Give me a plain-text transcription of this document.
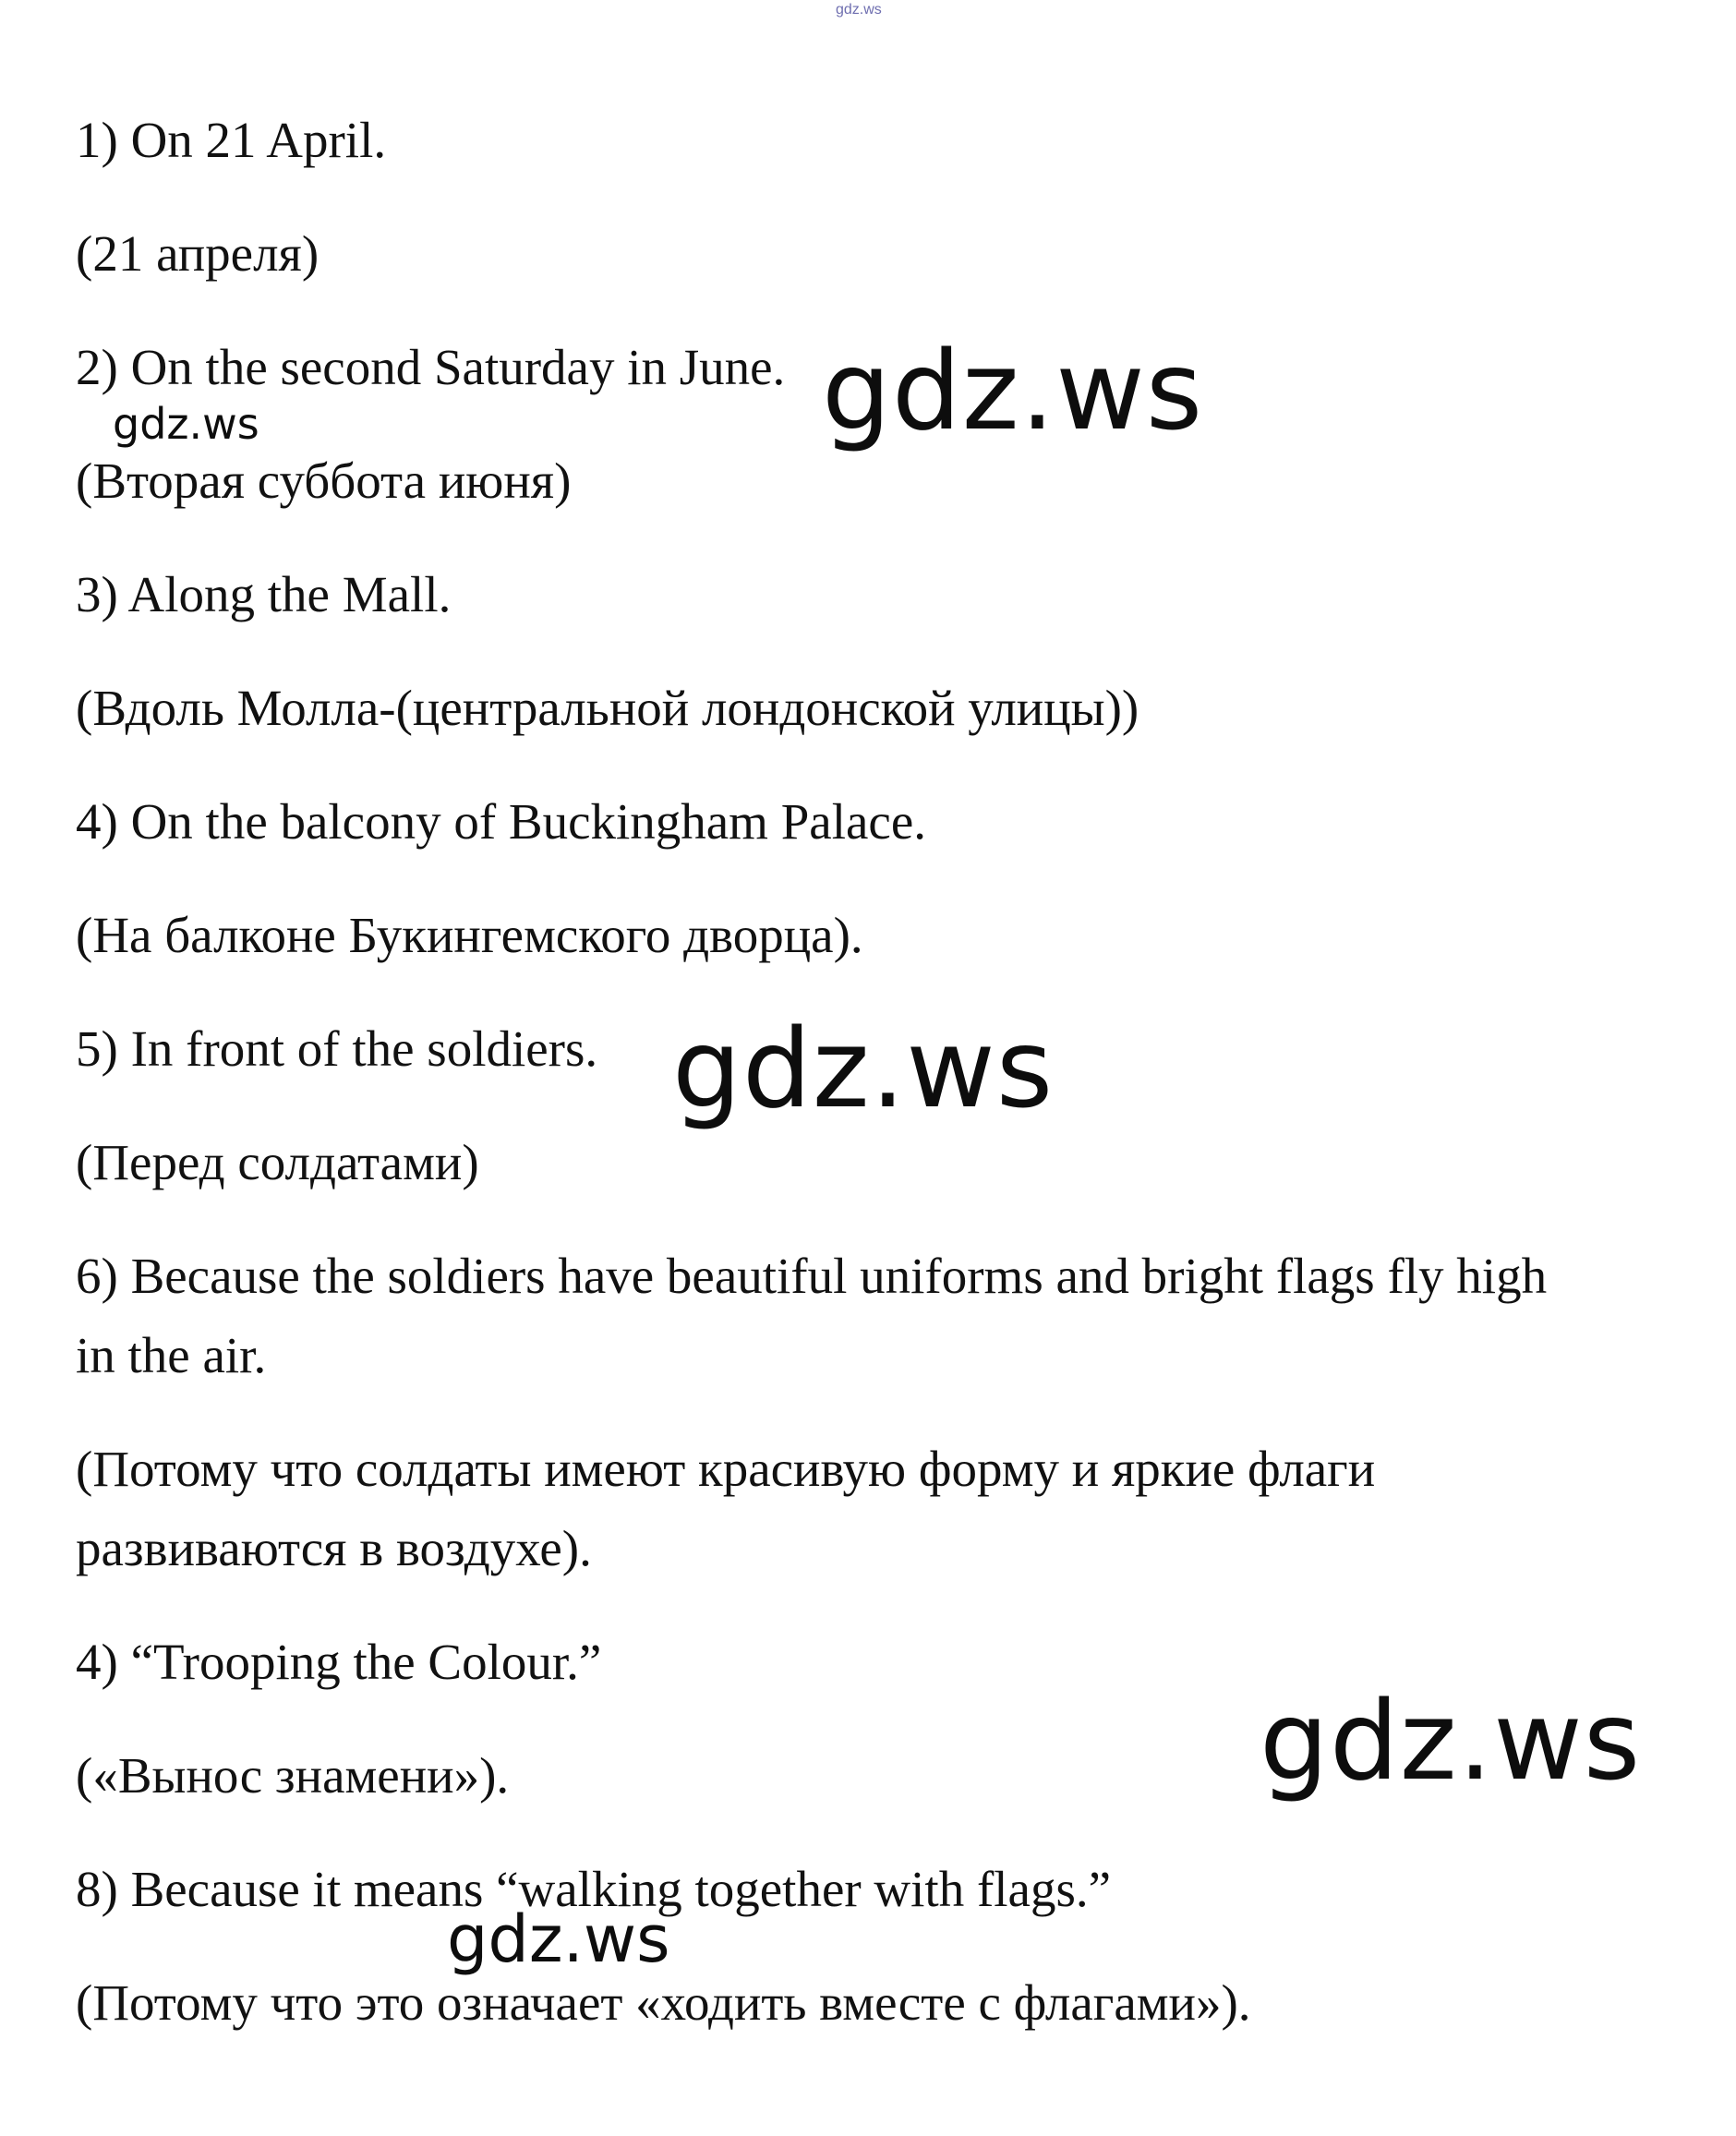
gdz.ws

1) On 21 April.

(21 апреля)

2) On the second Saturday in June.

(Вторая суббота июня)

3) Along the Mall.

(Вдоль Молла-(центральной лондонской улицы))

4) On the balcony of Buckingham Palace.

(На балконе Букингемского дворца).

5) In front of the soldiers.

(Перед солдатами)

6) Because the soldiers have beautiful uniforms and bright flags fly high

in the air.

(Потому что солдаты имеют красивую форму и яркие флаги

развиваются в воздухе).

4) “Trooping the Colour.”

(«Вынос знамени»).

8) Because it means “walking together with flags.”

(Потому что это означает «ходить вместе с флагами»).

gdz.ws
gdz.ws
gdz.ws
gdz.ws
gdz.ws
